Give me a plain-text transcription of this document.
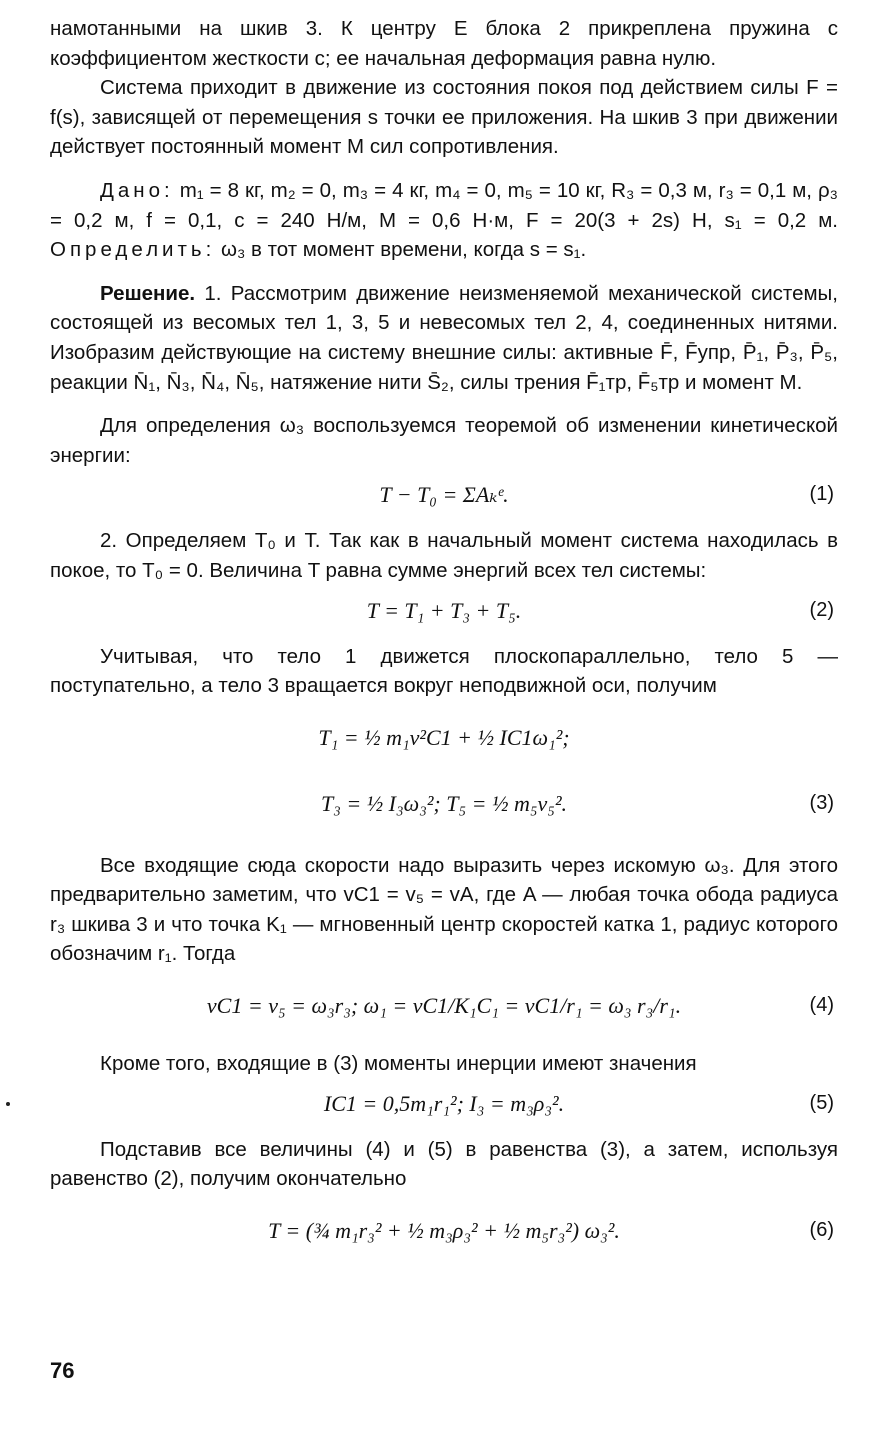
намотанными на шкив 3. К центру E блока 2 прикреплена пружина с коэффициентом жесткости c; ее начальная деформация равна нулю.

Система приходит в движение из состояния покоя под действием силы F = f(s), зависящей от перемещения s точки ее приложения. На шкив 3 при движении действует постоянный момент M сил сопротивления.

Дано: m₁ = 8 кг, m₂ = 0, m₃ = 4 кг, m₄ = 0, m₅ = 10 кг, R₃ = 0,3 м, r₃ = 0,1 м, ρ₃ = 0,2 м, f = 0,1, c = 240 Н/м, M = 0,6 Н·м, F = 20(3 + 2s) Н, s₁ = 0,2 м. Определить: ω₃ в тот момент времени, когда s = s₁.

Решение. 1. Рассмотрим движение неизменяемой механической системы, состоящей из весомых тел 1, 3, 5 и невесомых тел 2, 4, соединенных нитями. Изобразим действующие на систему внешние силы: активные F̄, F̄упр, P̄₁, P̄₃, P̄₅, реакции N̄₁, N̄₃, N̄₄, N̄₅, натяжение нити S̄₂, силы трения F̄₁тр, F̄₅тр и момент M.

Для определения ω₃ воспользуемся теоремой об изменении кинетической энергии:

T − T₀ = ΣAₖᵉ.	(1)

2. Определяем T₀ и T. Так как в начальный момент система находилась в покое, то T₀ = 0. Величина T равна сумме энергий всех тел системы:

T = T₁ + T₃ + T₅.	(2)

Учитывая, что тело 1 движется плоскопараллельно, тело 5 — поступательно, а тело 3 вращается вокруг неподвижной оси, получим

T₁ = ½ m₁v²C1 + ½ IC1ω₁²;
T₃ = ½ I₃ω₃²; T₅ = ½ m₅v₅².	(3)

Все входящие сюда скорости надо выразить через искомую ω₃. Для этого предварительно заметим, что vC1 = v₅ = vA, где A — любая точка обода радиуса r₃ шкива 3 и что точка K₁ — мгновенный центр скоростей катка 1, радиус которого обозначим r₁. Тогда

vC1 = v₅ = ω₃r₃; ω₁ = vC1/K₁C₁ = vC1/r₁ = ω₃ r₃/r₁.	(4)

Кроме того, входящие в (3) моменты инерции имеют значения

IC1 = 0,5m₁r₁²; I₃ = m₃ρ₃².	(5)

Подставив все величины (4) и (5) в равенства (3), а затем, используя равенство (2), получим окончательно

T = (¾ m₁r₃² + ½ m₃ρ₃² + ½ m₅r₃²) ω₃².	(6)
76
